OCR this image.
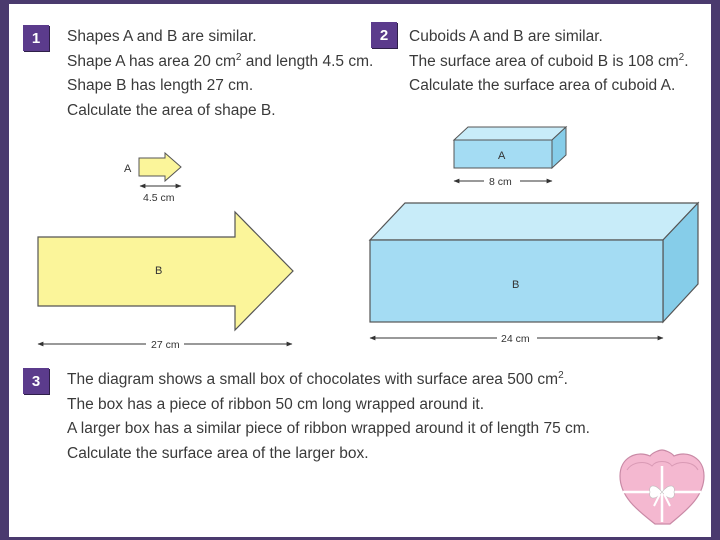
1	Shapes A and B are similar.
Shape A has area 20 $cm^2$ and length 4.5 cm.
Shape B has length 27 cm.
Calculate the area of shape B.
2	Cuboids A and B are similar.
The surface area of cuboid B is 108 $cm^2$.
Calculate the surface area of cuboid A.
A
4.5 cm
B
27 cm
A
8 cm
B
24 cm
3	The diagram shows a small box of chocolates with surface area 500 $cm^2$.
The box has a piece of ribbon 50 cm long wrapped around it.
A larger box has a similar piece of ribbon wrapped around it of length 75 cm.
Calculate the surface area of the larger box.
